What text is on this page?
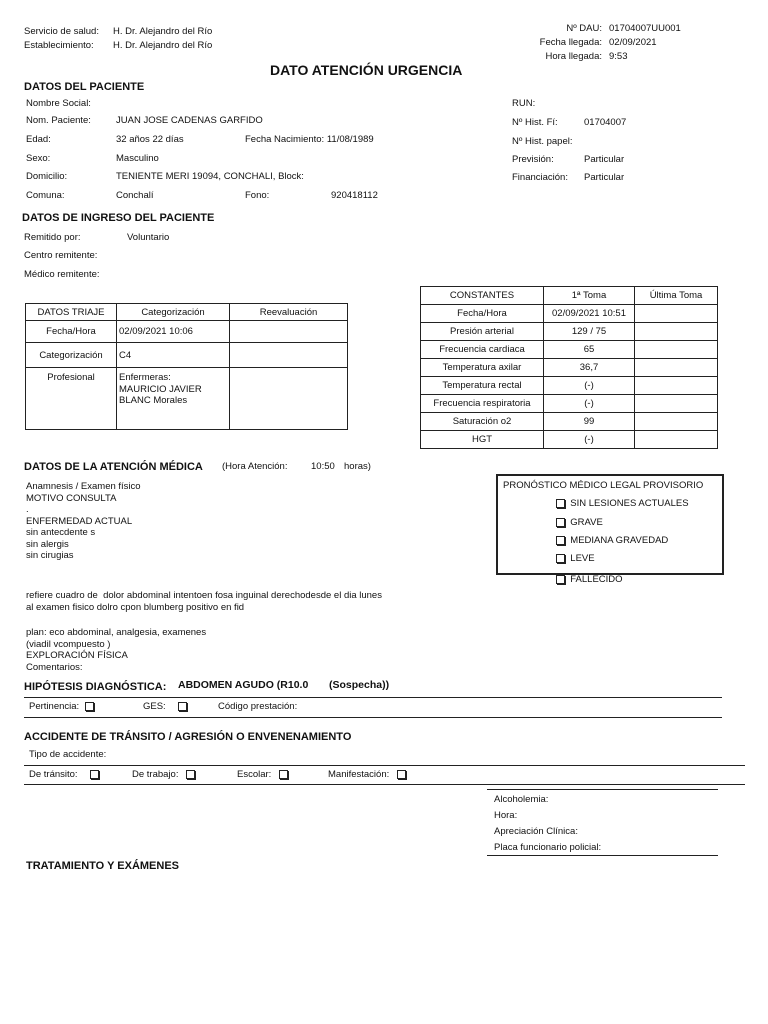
Servicio de salud: H. Dr. Alejandro del Río
Establecimiento: H. Dr. Alejandro del Río
Nº DAU: 01704007UU001
Fecha llegada: 02/09/2021
Hora llegada: 9:53
DATO ATENCIÓN URGENCIA
DATOS DEL PACIENTE
Nombre Social:
Nom. Paciente:	JUAN JOSE CADENAS GARFIDO
Edad:	32 años 22 días	Fecha Nacimiento: 11/08/1989
Sexo:	Masculino
Domicilio:	TENIENTE MERI 19094, CONCHALI, Block:
Comuna:	Conchalí	Fono:	920418112
RUN:
Nº Hist. Fí:	01704007
Nº Hist. papel:
Previsión:	Particular
Financiación: Particular
DATOS DE INGRESO DEL PACIENTE
Remitido por:	Voluntario
Centro remitente:
Médico remitente:
DATOS TRIAJE	Categorización	Reevaluación
Fecha/Hora	02/09/2021 10:06	
Categorización	C4	
Profesional	Enfermeras:
MAURICIO JAVIER
BLANC Morales	
CONSTANTES	1ª Toma	Última Toma
Fecha/Hora	02/09/2021 10:51	
Presión arterial	129 / 75	
Frecuencia cardiaca	65	
Temperatura axilar	36,7	
Temperatura rectal	(-)	
Frecuencia respiratoria	(-)	
Saturación o2	99	
HGT	(-)	
DATOS DE LA ATENCIÓN MÉDICA (Hora Atención: 10:50 horas)
Anamnesis / Examen físico
MOTIVO CONSULTA
.
ENFERMEDAD ACTUAL
sin antecdente s
sin alergis
sin cirugias
refiere cuadro de  dolor abdominal intentoen fosa inguinal derechodesde el dia lunes
al examen fisico dolro cpon blumberg positivo en fid
plan: eco abdominal, analgesia, examenes
(viadil vcompuesto )
EXPLORACIÓN FÍSICA
Comentarios:
PRONÓSTICO MÉDICO LEGAL PROVISORIO
SIN LESIONES ACTUALES
GRAVE
MEDIANA GRAVEDAD
LEVE
FALLECIDO
HIPÓTESIS DIAGNÓSTICA: ABDOMEN AGUDO (R10.0 (Sospecha))
Pertinencia:	GES:	Código prestación:
ACCIDENTE DE TRÁNSITO / AGRESIÓN O ENVENENAMIENTO
Tipo de accidente:
De tránsito:	De trabajo:	Escolar:	Manifestación:
Alcoholemia:
Hora:
Apreciación Clínica:
Placa funcionario policial:
TRATAMIENTO Y EXÁMENES
